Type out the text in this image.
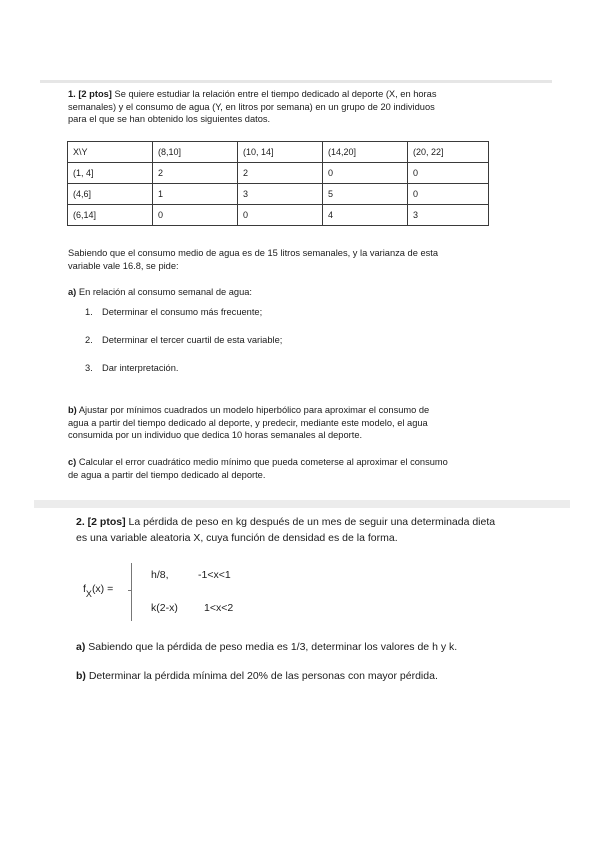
1. [2 ptos] Se quiere estudiar la relación entre el tiempo dedicado al deporte (X, en horas
semanales) y el consumo de agua (Y, en litros por semana) en un grupo de 20 individuos
para el que se han obtenido los siguientes datos.
X\Y	(8,10]	(10, 14]	(14,20]	(20, 22]
(1, 4]	2	2	0	0
(4,6]	1	3	5	0
(6,14]	0	0	4	3
Sabiendo que el consumo medio de agua es de 15 litros semanales, y la varianza de esta
variable vale 16.8, se pide:
a) En relación al consumo semanal de agua:
1. Determinar el consumo más frecuente;
2. Determinar el tercer cuartil de esta variable;
3. Dar interpretación.
b) Ajustar por mínimos cuadrados un modelo hiperbólico para aproximar el consumo de
agua a partir del tiempo dedicado al deporte, y predecir, mediante este modelo, el agua
consumida por un individuo que dedica 10 horas semanales al deporte.
c) Calcular el error cuadrático medio mínimo que pueda cometerse al aproximar el consumo
de agua a partir del tiempo dedicado al deporte.
2. [2 ptos] La pérdida de peso en kg después de un mes de seguir una determinada dieta
es una variable aleatoria X, cuya función de densidad es de la forma.
$f_X(x)$ =
h/8,	-1<x<1
k(2-x) 1<x<2
a) Sabiendo que la pérdida de peso media es 1/3, determinar los valores de h y k.
b) Determinar la pérdida mínima del 20% de las personas con mayor pérdida.
